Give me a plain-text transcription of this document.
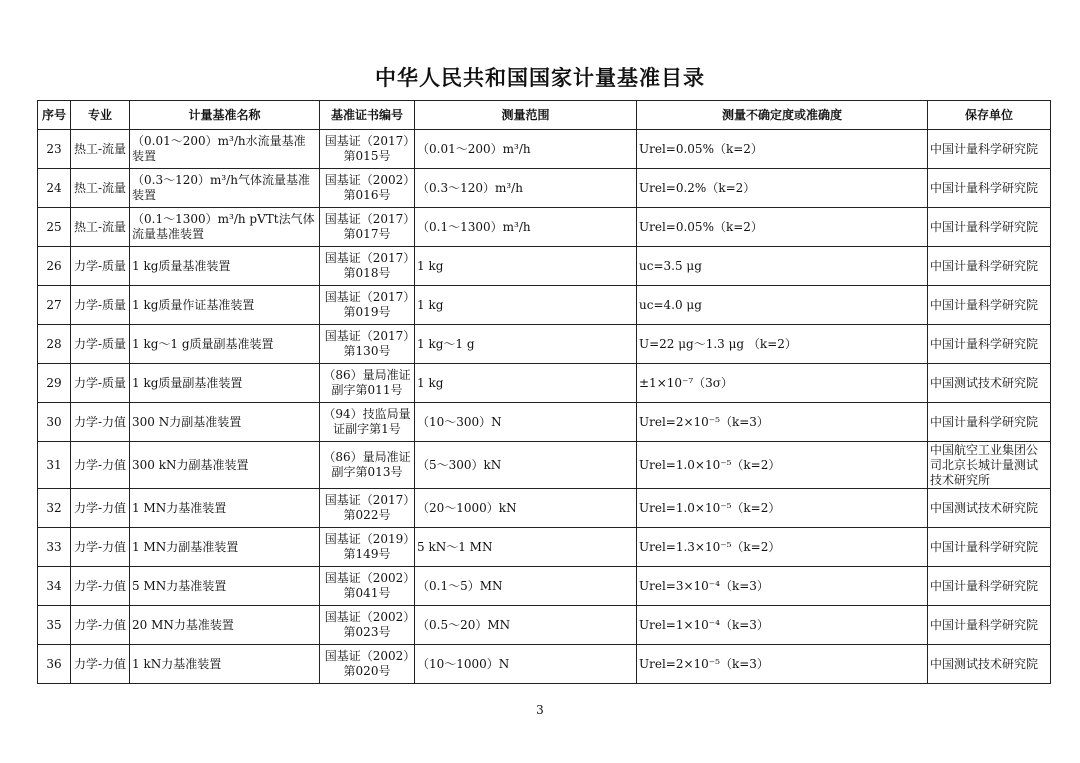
中华人民共和国国家计量基准目录
序号	专业	计量基准名称	基准证书编号	测量范围	测量不确定度或准确度	保存单位
23	热工-流量	（0.01～200）m³/h水流量基准装置	国基证（2017）第015号	（0.01～200）m³/h	Urel=0.05%（k=2）	中国计量科学研究院
24	热工-流量	（0.3～120）m³/h气体流量基准装置	国基证（2002）第016号	（0.3～120）m³/h	Urel=0.2%（k=2）	中国计量科学研究院
25	热工-流量	（0.1～1300）m³/h pVTt法气体流量基准装置	国基证（2017）第017号	（0.1～1300）m³/h	Urel=0.05%（k=2）	中国计量科学研究院
26	力学-质量	1 kg质量基准装置	国基证（2017）第018号	1 kg	uc=3.5 μg	中国计量科学研究院
27	力学-质量	1 kg质量作证基准装置	国基证（2017）第019号	1 kg	uc=4.0 μg	中国计量科学研究院
28	力学-质量	1 kg～1 g质量副基准装置	国基证（2017）第130号	1 kg～1 g	U=22 μg～1.3 μg （k=2）	中国计量科学研究院
29	力学-质量	1 kg质量副基准装置	（86）量局准证副字第011号	1 kg	±1×10⁻⁷（3σ）	中国测试技术研究院
30	力学-力值	300 N力副基准装置	（94）技监局量证副字第1号	（10～300）N	Urel=2×10⁻⁵（k=3）	中国计量科学研究院
31	力学-力值	300 kN力副基准装置	（86）量局准证副字第013号	（5～300）kN	Urel=1.0×10⁻⁵（k=2）	中国航空工业集团公司北京长城计量测试技术研究所
32	力学-力值	1 MN力基准装置	国基证（2017）第022号	（20～1000）kN	Urel=1.0×10⁻⁵（k=2）	中国测试技术研究院
33	力学-力值	1 MN力副基准装置	国基证（2019）第149号	5 kN～1 MN	Urel=1.3×10⁻⁵（k=2）	中国计量科学研究院
34	力学-力值	5 MN力基准装置	国基证（2002）第041号	（0.1～5）MN	Urel=3×10⁻⁴（k=3）	中国计量科学研究院
35	力学-力值	20 MN力基准装置	国基证（2002）第023号	（0.5～20）MN	Urel=1×10⁻⁴（k=3）	中国计量科学研究院
36	力学-力值	1 kN力基准装置	国基证（2002）第020号	（10～1000）N	Urel=2×10⁻⁵（k=3）	中国测试技术研究院
3
